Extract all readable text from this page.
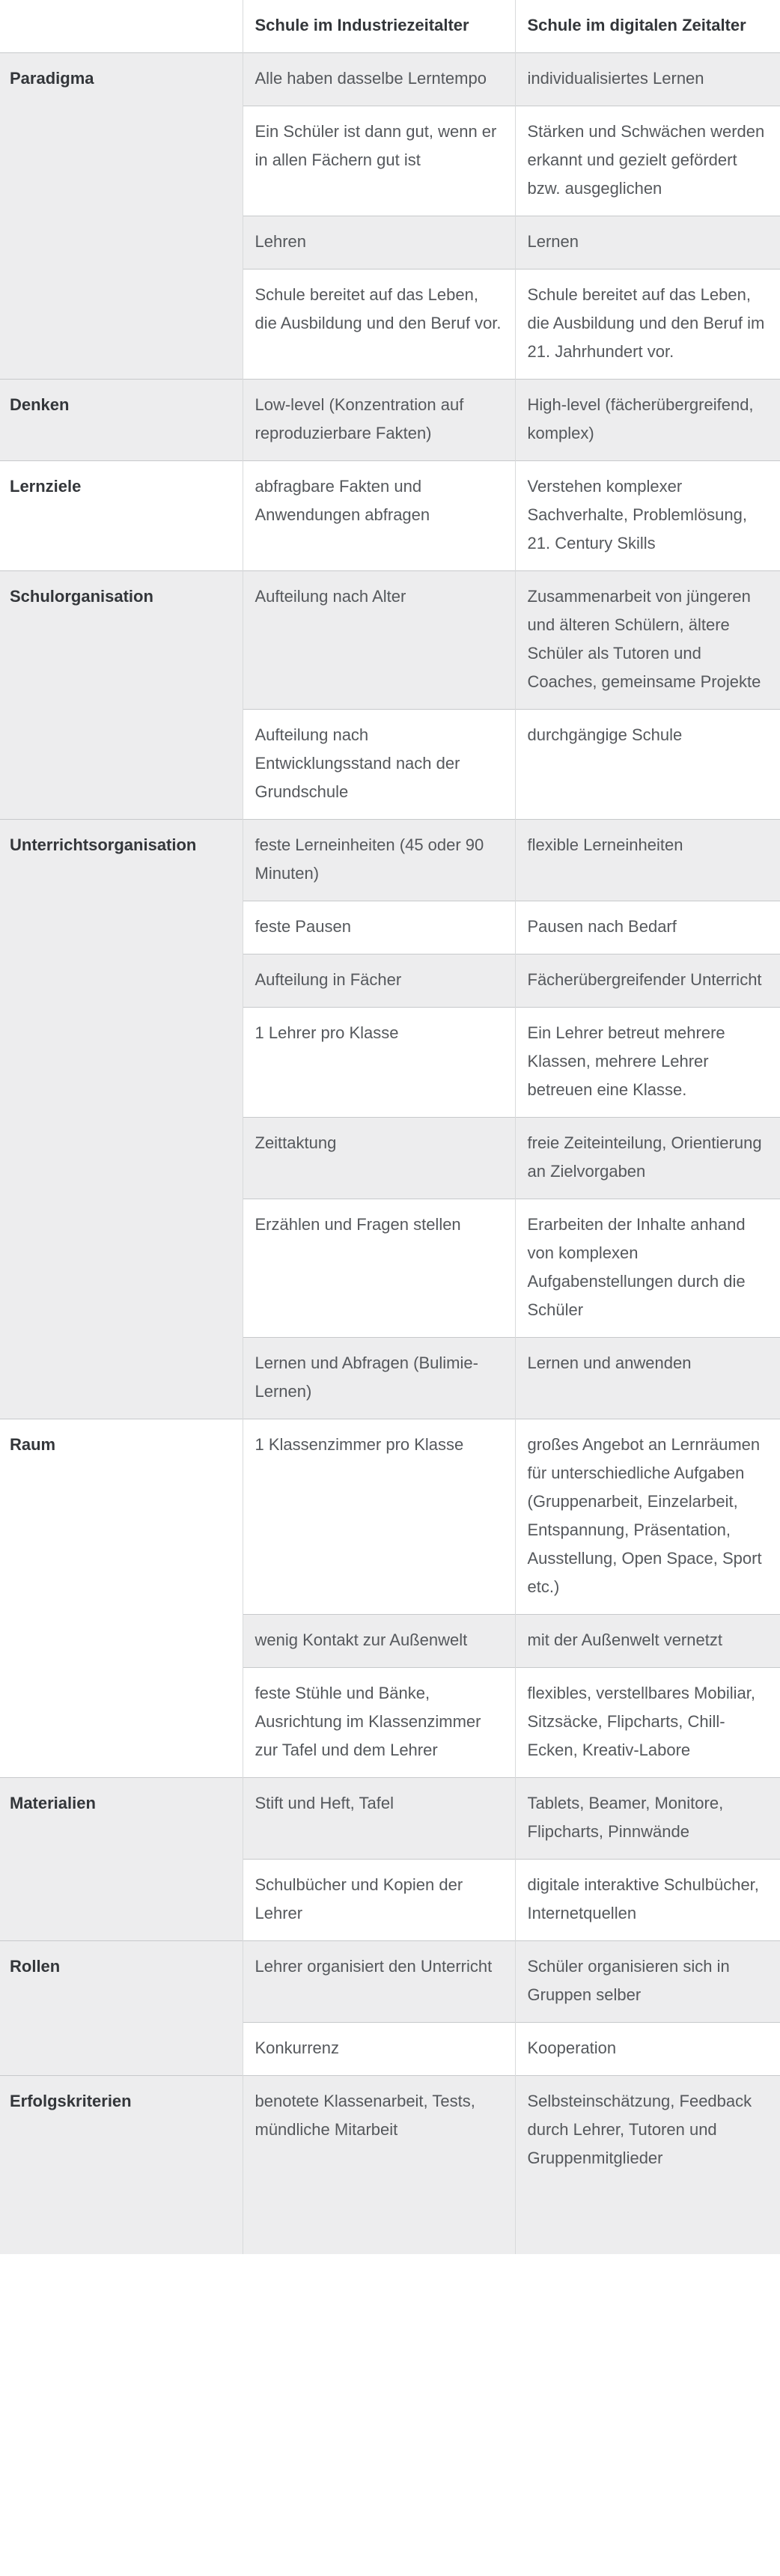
	Schule im Industriezeitalter	Schule im digitalen Zeitalter
Paradigma	Alle haben dasselbe Lerntempo	individualisiertes Lernen
	Ein Schüler ist dann gut, wenn er in allen Fächern gut ist	Stärken und Schwächen werden erkannt und gezielt gefördert bzw. ausgeglichen
	Lehren	Lernen
	Schule bereitet auf das Leben, die Ausbildung und den Beruf vor.	Schule bereitet auf das Leben, die Ausbildung und den Beruf im 21. Jahrhundert vor.
Denken	Low-level (Konzentration auf reproduzierbare Fakten)	High-level (fächerübergreifend, komplex)
Lernziele	abfragbare Fakten und Anwendungen abfragen	Verstehen komplexer Sachverhalte, Problemlösung, 21. Century Skills
Schulorganisation	Aufteilung nach Alter	Zusammenarbeit von jüngeren und älteren Schülern, ältere Schüler als Tutoren und Coaches, gemeinsame Projekte
	Aufteilung nach Entwicklungsstand nach der Grundschule	durchgängige Schule
Unterrichtsorganisation	feste Lerneinheiten (45 oder 90 Minuten)	flexible Lerneinheiten
	feste Pausen	Pausen nach Bedarf
	Aufteilung in Fächer	Fächerübergreifender Unterricht
	1 Lehrer pro Klasse	Ein Lehrer betreut mehrere Klassen, mehrere Lehrer betreuen eine Klasse.
	Zeittaktung	freie Zeiteinteilung, Orientierung an Zielvorgaben
	Erzählen und Fragen stellen	Erarbeiten der Inhalte anhand von komplexen Aufgabenstellungen durch die Schüler
	Lernen und Abfragen (Bulimie-Lernen)	Lernen und anwenden
Raum	1 Klassenzimmer pro Klasse	großes Angebot an Lernräumen für unterschiedliche Aufgaben (Gruppenarbeit, Einzelarbeit, Entspannung, Präsentation, Ausstellung, Open Space, Sport etc.)
	wenig Kontakt zur Außenwelt	mit der Außenwelt vernetzt
	feste Stühle und Bänke, Ausrichtung im Klassenzimmer zur Tafel und dem Lehrer	flexibles, verstellbares Mobiliar, Sitzsäcke, Flipcharts, Chill-Ecken, Kreativ-Labore
Materialien	Stift und Heft, Tafel	Tablets, Beamer, Monitore, Flipcharts, Pinnwände
	Schulbücher und Kopien der Lehrer	digitale interaktive Schulbücher, Internetquellen
Rollen	Lehrer organisiert den Unterricht	Schüler organisieren sich in Gruppen selber
	Konkurrenz	Kooperation
Erfolgskriterien	benotete Klassenarbeit, Tests, mündliche Mitarbeit	Selbsteinschätzung, Feedback durch Lehrer, Tutoren und Gruppenmitglieder
